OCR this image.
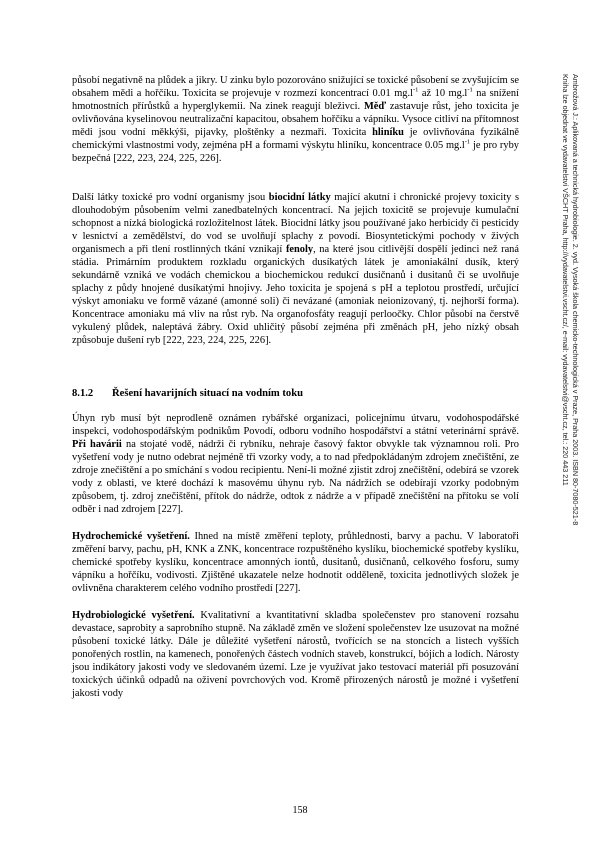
působí negativně na plůdek a jikry. U zinku bylo pozorováno snižující se toxické působení se zvyšujícím se obsahem mědi a hořčíku. Toxicita se projevuje v rozmezí koncentrací 0.01 $mg.l^{-1}$ až 10 $mg.l^{-1}$ na snížení hmotnostních přírůstků a hyperglykemii. Na zinek reagují bleživci. Měď zastavuje růst, jeho toxicita je ovlivňována kyselinovou neutralizační kapacitou, obsahem hořčíku a vápníku. Vysoce citliví na přítomnost mědi jsou vodní měkkýši, pijavky, ploštěnky a nezmaři. Toxicita hliníku je ovlivňována fyzikálně chemickými vlastnostmi vody, zejména pH a formami výskytu hliníku, koncentrace 0.05 $mg.l^{-1}$ je pro ryby bezpečná [222, 223, 224, 225, 226].

Další látky toxické pro vodní organismy jsou biocidní látky mající akutní i chronické projevy toxicity s dlouhodobým působením velmi zanedbatelných koncentrací. Na jejich toxicitě se projevuje kumulační schopnost a nízká biologická rozložitelnost látek. Biocidní látky jsou používané jako herbicidy či pesticidy v lesnictví a zemědělství, do vod se uvolňují splachy z povodí. Biosyntetickými pochody v živých organismech a při tlení rostlinných tkání vznikají fenoly, na které jsou citlivější dospělí jedinci než raná stádia. Primárním produktem rozkladu organických dusíkatých látek je amoniakální dusík, který sekundárně vzniká ve vodách chemickou a biochemickou redukcí dusičnanů i dusitanů či se uvolňuje splachy z půdy hnojené dusíkatými hnojivy. Jeho toxicita je spojená s pH a teplotou prostředí, určující výskyt amoniaku ve formě vázané (amonné soli) či nevázané (amoniak neionizovaný, tj. nejhorší forma). Koncentrace amoniaku má vliv na růst ryb. Na organofosfáty reagují perloočky. Chlor působí na čerstvě vykulený plůdek, naleptává žábry. Oxid uhličitý působí zejména při změnách pH, jeho nízký obsah způsobuje dušení ryb [222, 223, 224, 225, 226].

8.1.2 Řešení havarijních situací na vodním toku

Úhyn ryb musí být neprodleně oznámen rybářské organizaci, policejnímu útvaru, vodohospodářské inspekci, vodohospodářským podnikům Povodí, odboru vodního hospodářství a státní veterinární správě. Při havárii na stojaté vodě, nádrži či rybníku, nehraje časový faktor obvykle tak významnou roli. Pro vyšetření vody je nutno odebrat nejméně tři vzorky vody, a to nad předpokládaným zdrojem znečištění, ze zdroje znečištění a po smíchání s vodou recipientu. Není-li možné zjistit zdroj znečištění, odebírá se vzorek vody z oblasti, ve které dochází k masovému úhynu ryb. Na nádržích se odebírají vzorky podobným způsobem, tj. zdroj znečištění, přítok do nádrže, odtok z nádrže a v případě znečištění na přítoku se volí odběr i nad zdrojem [227].

Hydrochemické vyšetření. Ihned na místě změření teploty, průhlednosti, barvy a pachu. V laboratoři změření barvy, pachu, pH, KNK a ZNK, koncentrace rozpuštěného kyslíku, biochemické spotřeby kyslíku, chemické spotřeby kyslíku, koncentrace amonných iontů, dusitanů, dusičnanů, celkového fosforu, sumy vápníku a hořčíku, vodivosti. Zjištěné ukazatele nelze hodnotit odděleně, toxicita jednotlivých složek je ovlivněna charakterem celého vodního prostředí [227].

Hydrobiologické vyšetření. Kvalitativní a kvantitativní skladba společenstev pro stanovení rozsahu devastace, saprobity a saprobního stupně. Na základě změn ve složení společenstev lze usuzovat na možné působení toxické látky. Dále je důležité vyšetření nárostů, tvořících se na stoncích a listech vyšších ponořených rostlin, na kamenech, ponořených částech vodních staveb, konstrukcí, bójích a lodích. Nárosty jsou indikátory jakosti vody ve sledovaném území. Lze je využívat jako testovací materiál při posuzování toxických účinků odpadů na oživení povrchových vod. Kromě přirozených nárostů je možné i vyšetření jakosti vody

Ambrožová J.: Aplikovaná a technická hydrobiologie. 2. vyd. Vysoká škola chemicko-technologická v Praze, Praha 2003. ISBN 80-7080-521-8
Kniha lze objednat ve vydavatelství VŠCHT Praha, http://vydavatelstvi.vscht.cz/, e-mail: vydavatelstvi@vscht.cz, tel.: 220 443 211
158
